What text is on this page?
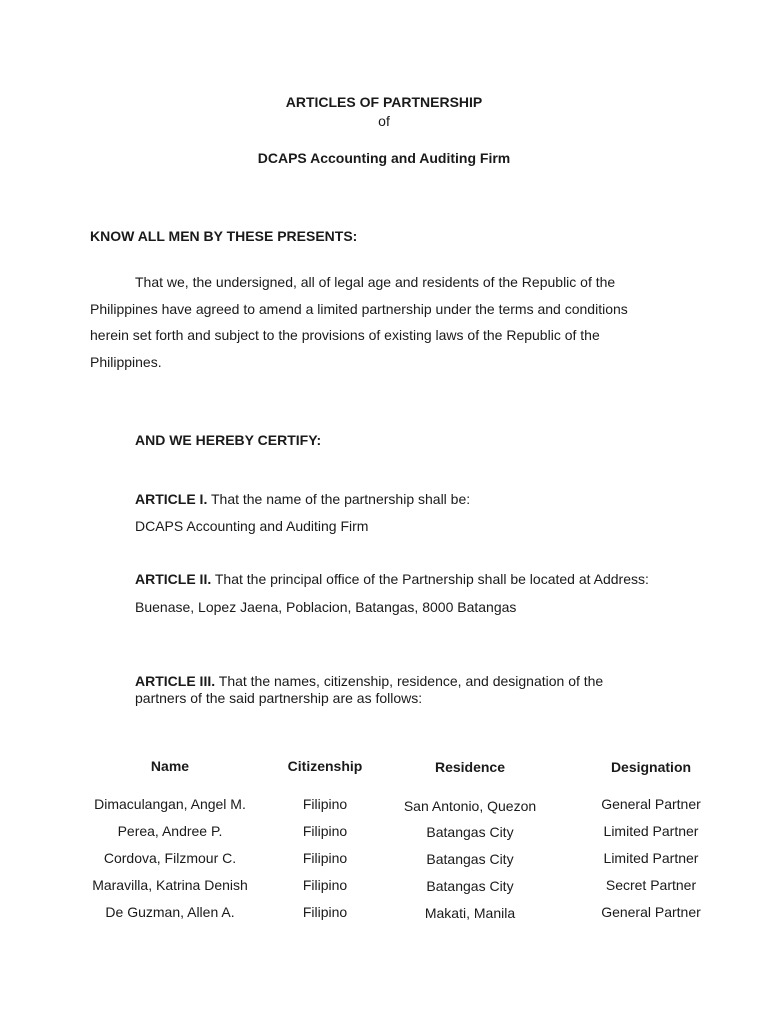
ARTICLES OF PARTNERSHIP
of
DCAPS Accounting and Auditing Firm
KNOW ALL MEN BY THESE PRESENTS:
That we, the undersigned, all of legal age and residents of the Republic of the
Philippines have agreed to amend a limited partnership under the terms and conditions
herein set forth and subject to the provisions of existing laws of the Republic of the
Philippines.
AND WE HEREBY CERTIFY:
ARTICLE I. That the name of the partnership shall be:
DCAPS Accounting and Auditing Firm
ARTICLE II. That the principal office of the Partnership shall be located at Address:
Buenase, Lopez Jaena, Poblacion, Batangas, 8000 Batangas
ARTICLE III. That the names, citizenship, residence, and designation of the
partners of the said partnership are as follows:
Name	Citizenship	Residence	Designation
Dimaculangan, Angel M.	Filipino	San Antonio, Quezon	General Partner
Perea, Andree P.	Filipino	Batangas City	Limited Partner
Cordova, Filzmour C.	Filipino	Batangas City	Limited Partner
Maravilla, Katrina Denish	Filipino	Batangas City	Secret Partner
De Guzman, Allen A.	Filipino	Makati, Manila	General Partner
